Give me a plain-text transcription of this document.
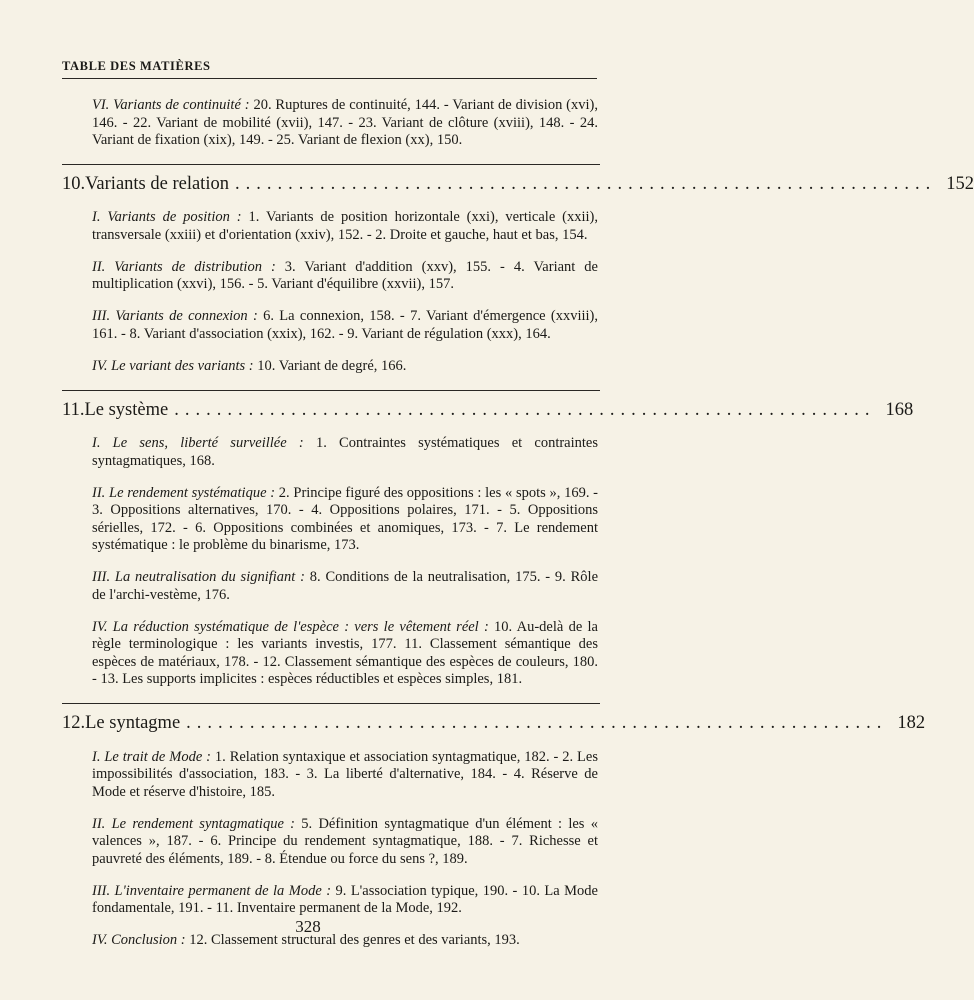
TABLE DES MATIÈRES

VI. Variants de continuité : 20. Ruptures de continuité, 144. - Variant de division (xvi), 146. - 22. Variant de mobilité (xvii), 147. - 23. Variant de clôture (xviii), 148. - 24. Variant de fixation (xix), 149. - 25. Variant de flexion (xx), 150.

10. Variants de relation .................................................................. 152

I. Variants de position : 1. Variants de position horizontale (xxi), verticale (xxii), transversale (xxiii) et d'orientation (xxiv), 152. - 2. Droite et gauche, haut et bas, 154.

II. Variants de distribution : 3. Variant d'addition (xxv), 155. - 4. Variant de multiplication (xxvi), 156. - 5. Variant d'équilibre (xxvii), 157.

III. Variants de connexion : 6. La connexion, 158. - 7. Variant d'émergence (xxviii), 161. - 8. Variant d'association (xxix), 162. - 9. Variant de régulation (xxx), 164.

IV. Le variant des variants : 10. Variant de degré, 166.

11. Le système .................................................................. 168

I. Le sens, liberté surveillée : 1. Contraintes systématiques et contraintes syntagmatiques, 168.

II. Le rendement systématique : 2. Principe figuré des oppositions : les « spots », 169. - 3. Oppositions alternatives, 170. - 4. Oppositions polaires, 171. - 5. Oppositions sérielles, 172. - 6. Oppositions combinées et anomiques, 173. - 7. Le rendement systématique : le problème du binarisme, 173.

III. La neutralisation du signifiant : 8. Conditions de la neutralisation, 175. - 9. Rôle de l'archi-vestème, 176.

IV. La réduction systématique de l'espèce : vers le vêtement réel : 10. Au-delà de la règle terminologique : les variants investis, 177. 11. Classement sémantique des espèces de matériaux, 178. - 12. Classement sémantique des espèces de couleurs, 180. - 13. Les supports implicites : espèces réductibles et espèces simples, 181.

12. Le syntagme .................................................................. 182

I. Le trait de Mode : 1. Relation syntaxique et association syntagmatique, 182. - 2. Les impossibilités d'association, 183. - 3. La liberté d'alternative, 184. - 4. Réserve de Mode et réserve d'histoire, 185.

II. Le rendement syntagmatique : 5. Définition syntagmatique d'un élément : les « valences », 187. - 6. Principe du rendement syntagmatique, 188. - 7. Richesse et pauvreté des éléments, 189. - 8. Étendue ou force du sens ?, 189.

III. L'inventaire permanent de la Mode : 9. L'association typique, 190. - 10. La Mode fondamentale, 191. - 11. Inventaire permanent de la Mode, 192.

IV. Conclusion : 12. Classement structural des genres et des variants, 193.

328
